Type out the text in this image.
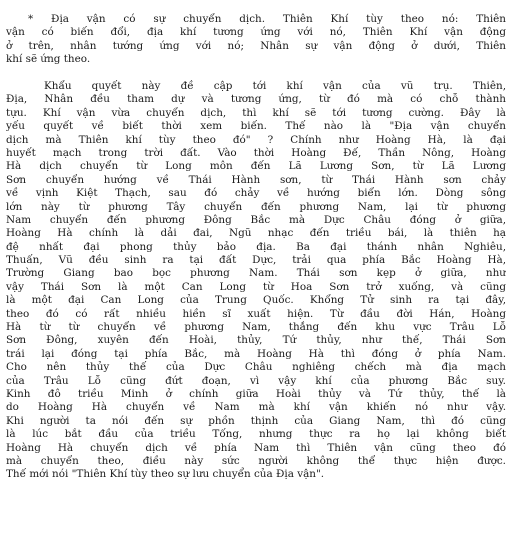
* Địa vận có sự chuyển dịch. Thiên Khí tùy theo nó: Thiên
vận có biến đổi, địa khí tương ứng với nó, Thiên Khí vận động
ở trên, nhân tướng ứng với nó; Nhân sự vận động ở dưới, Thiên
khí sẽ ứng theo.
Khẩu quyết này đề cập tới khí vận của vũ trụ. Thiên,
Địa, Nhân đều tham dự và tương ứng, từ đó mà có chỗ thành
tựu. Khí vận vừa chuyển dịch, thì khí sẽ tới tương cường. Đây là
yếu quyết về biết thời xem biến. Thế nào là "Địa vận chuyển
dịch mà Thiên khí tùy theo đó" ? Chính như Hoàng Hà, là đại
huyết mạch trong trời đất. Vào thời Hoàng Đế, Thần Nông, Hoàng
Hà dịch chuyển từ Long môn đến Lã Lương Sơn, từ Lã Lương
Sơn chuyển hướng về Thái Hành sơn, từ Thái Hành sơn chảy
về vịnh Kiệt Thạch, sau đó chảy về hướng biển lớn. Dòng sông
lớn này từ phương Tây chuyển đến phương Nam, lại từ phương
Nam chuyển đến phương Đông Bắc mà Dực Châu đóng ở giữa,
Hoàng Hà chính là dải đai, Ngũ nhạc đến triều bái, là thiên hạ
đệ nhất đại phong thủy bảo địa. Ba đại thánh nhân Nghiêu,
Thuấn, Vũ đều sinh ra tại đất Dực, trải qua phía Bắc Hoàng Hà,
Trường Giang bao bọc phương Nam. Thái sơn kẹp ở giữa, như
vậy Thái Sơn là một Can Long từ Hoa Sơn trở xuống, và cũng
là một đại Can Long của Trung Quốc. Khổng Tử sinh ra tại đây,
theo đó có rất nhiều hiền sĩ xuất hiện. Từ đầu đời Hán, Hoàng
Hà từ từ chuyển về phương Nam, thẳng đến khu vực Trâu Lỗ
Sơn Đông, xuyên đến Hoài, thủy, Tứ thủy, như thế, Thái Sơn
trái lại đóng tại phía Bắc, mà Hoàng Hà thì đóng ở phía Nam.
Cho nên thủy thế của Dực Châu nghiêng chếch mà địa mạch
của Trâu Lỗ cũng đứt đoạn, vì vậy khí của phương Bắc suy.
Kinh đô triều Minh ở chính giữa Hoài thủy và Tứ thủy, thế là
do Hoàng Hà chuyển về Nam mà khí vận khiến nó như vậy.
Khi người ta nói đến sự phồn thịnh của Giang Nam, thì đó cũng
là lúc bắt đầu của triều Tống, nhưng thực ra họ lại không biết
Hoàng Hà chuyển dịch về phía Nam thì Thiên vận cũng theo đó
mà chuyển theo, điều này sức người không thể thực hiện được.
Thế mới nói "Thiên Khí tùy theo sự lưu chuyển của Địa vận".
